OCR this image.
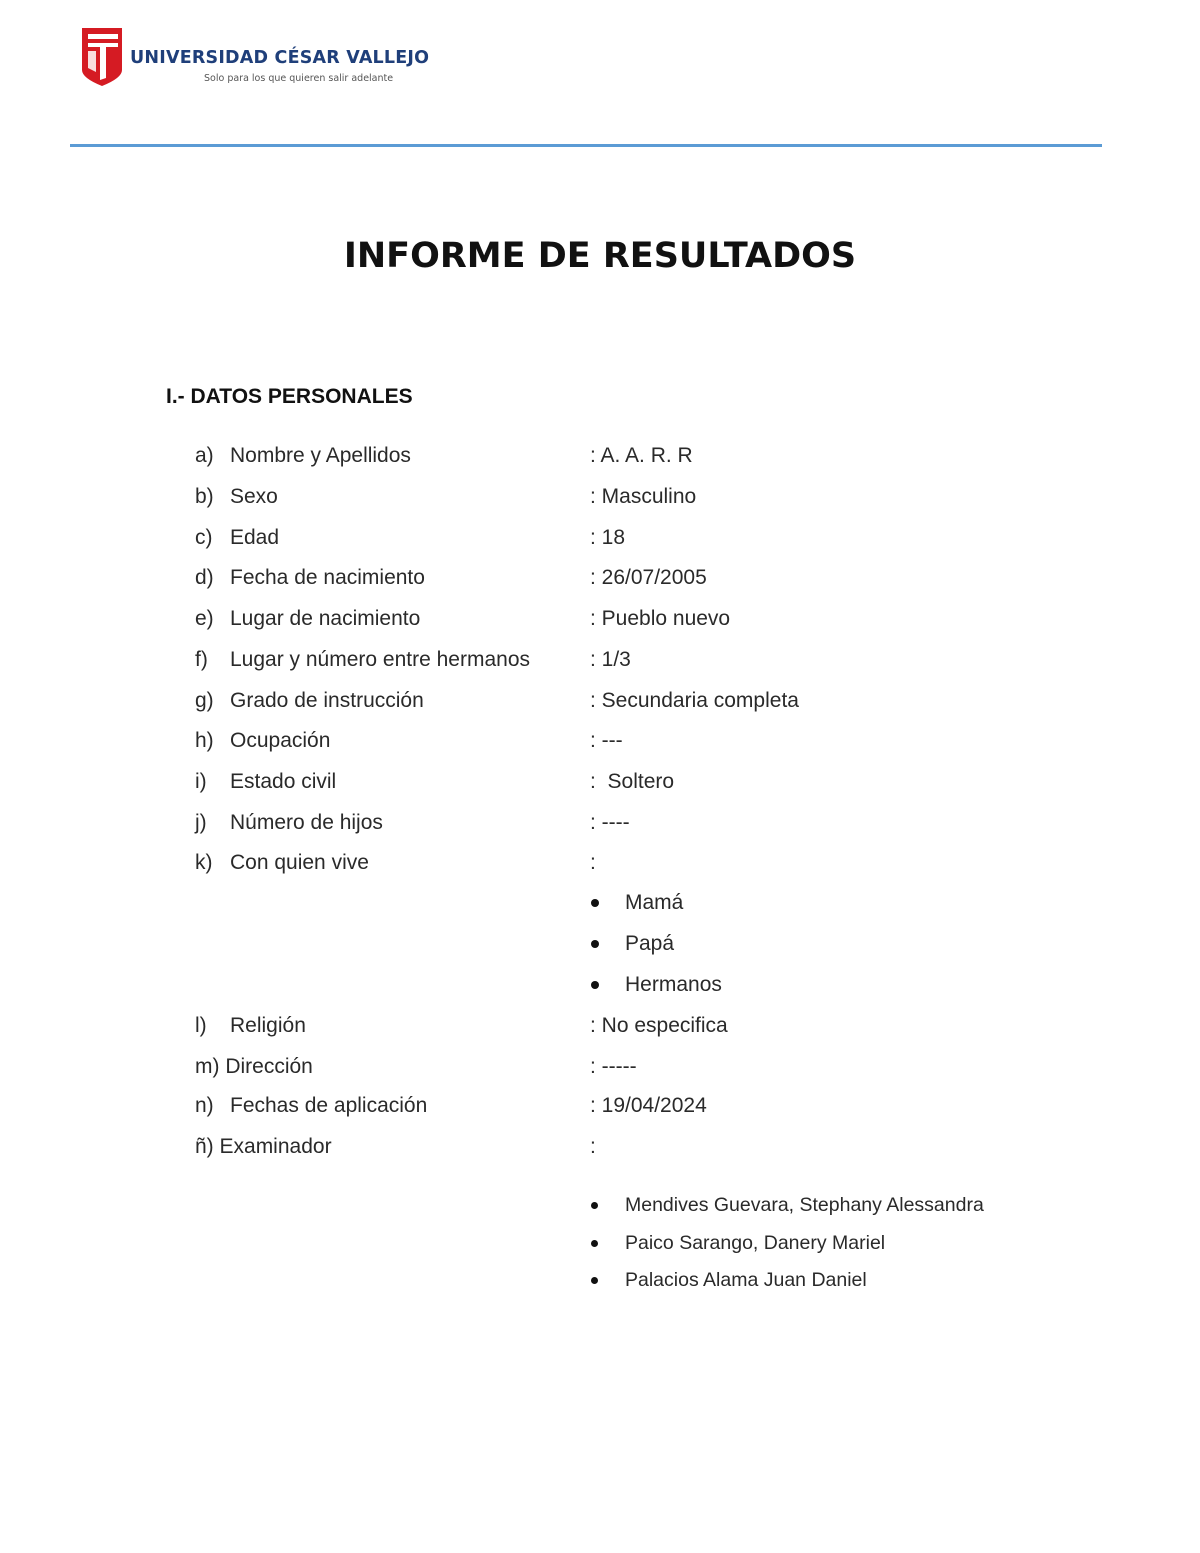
UNIVERSIDAD CÉSAR VALLEJO
Solo para los que quieren salir adelante
INFORME DE RESULTADOS
I.- DATOS PERSONALES
a) Nombre y Apellidos	: A. A. R. R
b) Sexo	: Masculino
c) Edad	: 18
d) Fecha de nacimiento	: 26/07/2005
e) Lugar de nacimiento	: Pueblo nuevo
f) Lugar y número entre hermanos	: 1/3
g) Grado de instrucción	: Secundaria completa
h) Ocupación	: ---
i) Estado civil	:  Soltero
j) Número de hijos	: ----
k) Con quien vive	:
Mamá
Papá
Hermanos
l) Religión	: No especifica
m) Dirección	: -----
n) Fechas de aplicación	: 19/04/2024
ñ) Examinador	:
Mendives Guevara, Stephany Alessandra
Paico Sarango, Danery Mariel
Palacios Alama Juan Daniel
